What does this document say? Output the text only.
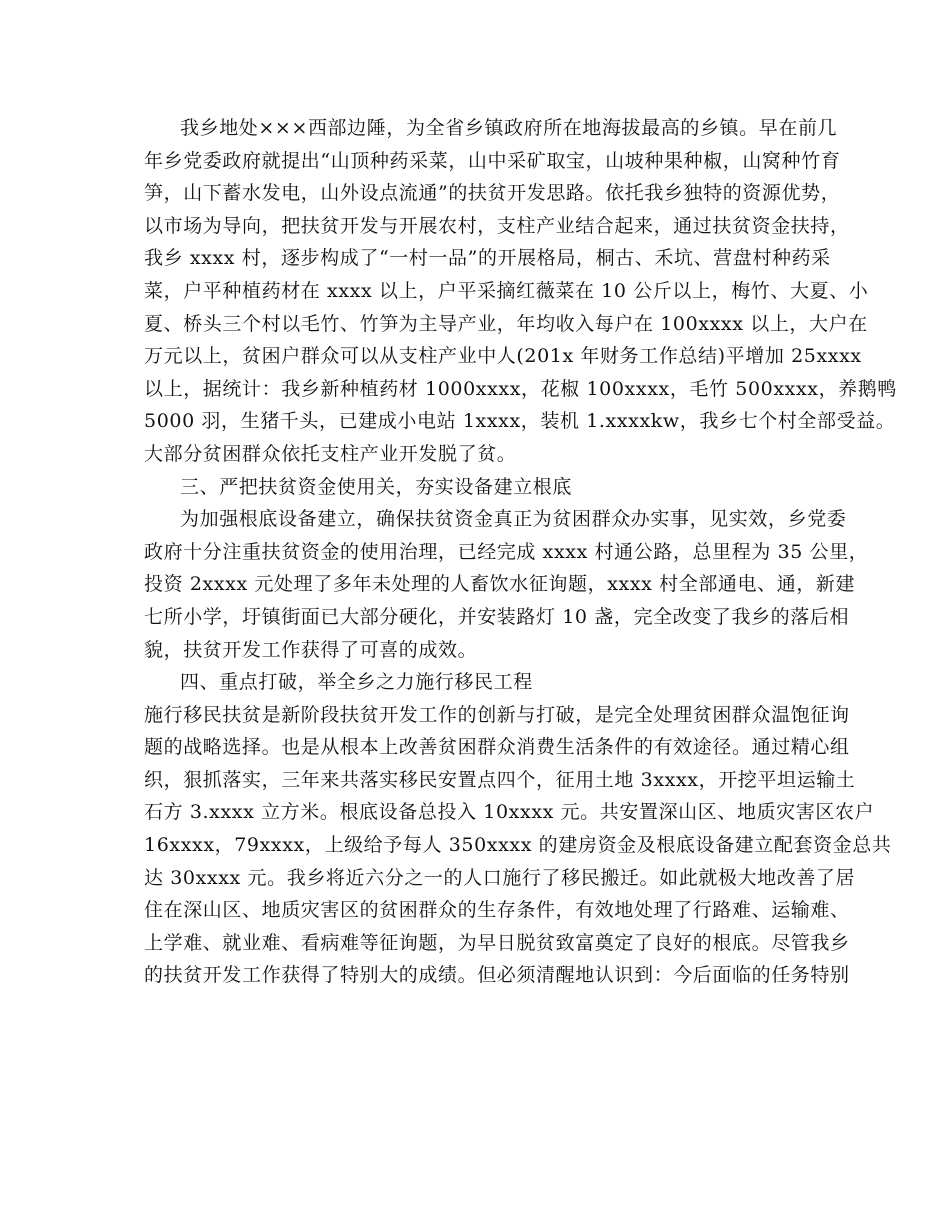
我乡地处×××西部边陲，为全省乡镇政府所在地海拔最高的乡镇。早在前几
年乡党委政府就提出“山顶种药采菜，山中采矿取宝，山坡种果种椒，山窝种竹育
笋，山下蓄水发电，山外设点流通”的扶贫开发思路。依托我乡独特的资源优势，
以市场为导向，把扶贫开发与开展农村，支柱产业结合起来，通过扶贫资金扶持，
我乡 xxxx 村，逐步构成了“一村一品”的开展格局，桐古、禾坑、营盘村种药采
菜，户平种植药材在 xxxx 以上，户平采摘红薇菜在 10 公斤以上，梅竹、大夏、小
夏、桥头三个村以毛竹、竹笋为主导产业，年均收入每户在 100xxxx 以上，大户在
万元以上，贫困户群众可以从支柱产业中人(201x 年财务工作总结)平增加 25xxxx
以上，据统计：我乡新种植药材 1000xxxx，花椒 100xxxx，毛竹 500xxxx，养鹅鸭
5000 羽，生猪千头，已建成小电站 1xxxx，装机 1.xxxxkw，我乡七个村全部受益。
大部分贫困群众依托支柱产业开发脱了贫。
三、严把扶贫资金使用关，夯实设备建立根底
为加强根底设备建立，确保扶贫资金真正为贫困群众办实事，见实效，乡党委
政府十分注重扶贫资金的使用治理，已经完成 xxxx 村通公路，总里程为 35 公里，
投资 2xxxx 元处理了多年未处理的人畜饮水征询题，xxxx 村全部通电、通，新建
七所小学，圩镇街面已大部分硬化，并安装路灯 10 盏，完全改变了我乡的落后相
貌，扶贫开发工作获得了可喜的成效。
四、重点打破，举全乡之力施行移民工程
施行移民扶贫是新阶段扶贫开发工作的创新与打破，是完全处理贫困群众温饱征询
题的战略选择。也是从根本上改善贫困群众消费生活条件的有效途径。通过精心组
织，狠抓落实，三年来共落实移民安置点四个，征用土地 3xxxx，开挖平坦运输土
石方 3.xxxx 立方米。根底设备总投入 10xxxx 元。共安置深山区、地质灾害区农户
16xxxx，79xxxx，上级给予每人 350xxxx 的建房资金及根底设备建立配套资金总共
达 30xxxx 元。我乡将近六分之一的人口施行了移民搬迁。如此就极大地改善了居
住在深山区、地质灾害区的贫困群众的生存条件，有效地处理了行路难、运输难、
上学难、就业难、看病难等征询题，为早日脱贫致富奠定了良好的根底。尽管我乡
的扶贫开发工作获得了特别大的成绩。但必须清醒地认识到：今后面临的任务特别
